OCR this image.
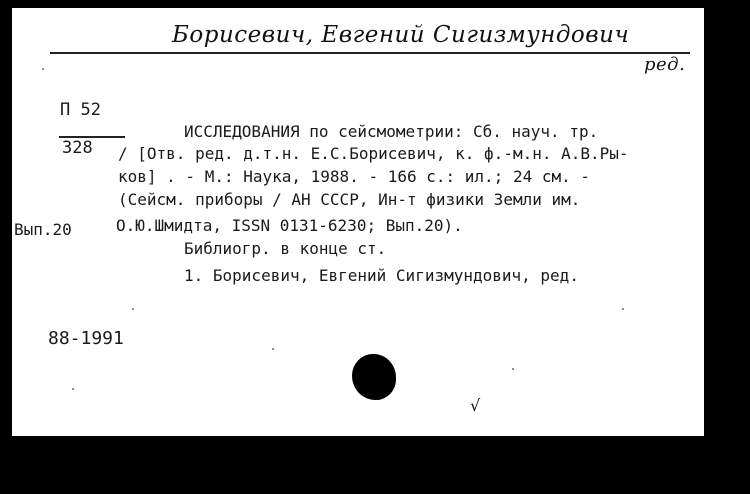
Борисевич, Евгений Сигизмундович
ред.
П 52
328
ИССЛЕДОВАНИЯ по сейсмометрии: Сб. науч. тр.
/ [Отв. ред. д.т.н. Е.С.Борисевич, к. ф.-м.н. А.В.Ры-
ков] . - М.: Наука, 1988. - 166 с.: ил.; 24 см. -
(Сейсм. приборы / АН СССР, Ин-т физики Земли им.
Вып.20	О.Ю.Шмидта, ISSN 0131-6230; Вып.20).
Библиогр. в конце ст.
1. Борисевич, Евгений Сигизмундович, ред.
88-1991
√
